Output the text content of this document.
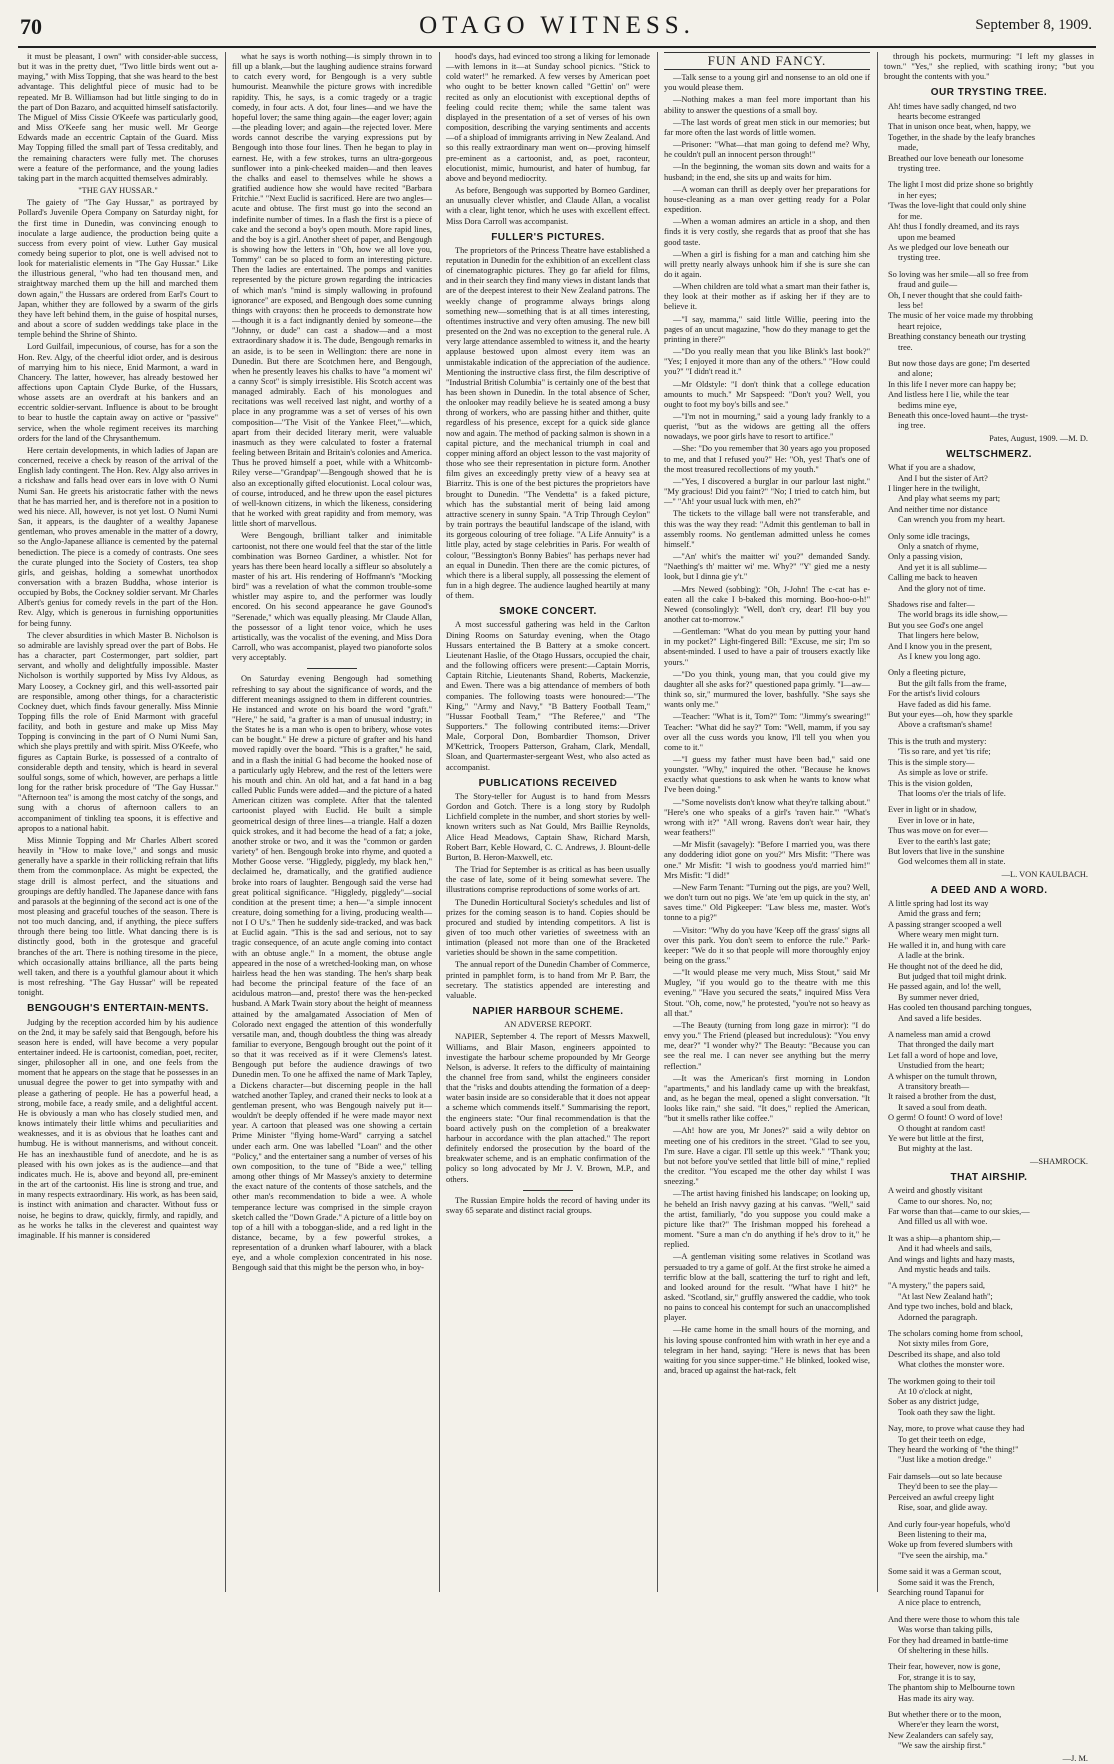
70	OTAGO WITNESS.	September 8, 1909.

it must be pleasant, I own" with consider-able success, but it was in the pretty duet, "Two little birds went out a-maying," with Miss Topping, that she was heard to the best advantage. This delightful piece of music had to be repeated. Mr B. Williamson had but little singing to do in the part of Don Bazaro, and acquitted himself satisfactorily. The Miguel of Miss Cissie O'Keefe was particularly good, and Miss O'Keefe sang her music well. Mr George Edwards made an eccentric Captain of the Guard. Miss May Topping filled the small part of Tessa creditably, and the remaining characters were fully met. The choruses were a feature of the performance, and the young ladies taking part in the march acquitted themselves admirably.

"THE GAY HUSSAR."

The gaiety of "The Gay Hussar," as portrayed by Pollard's Juvenile Opera Company on Saturday night, for the first time in Dunedin, was convincing enough to inoculate a large audience, the production being quite a success from every point of view. Luther Gay musical comedy being superior to plot, one is well advised not to look for materialistic elements in "The Gay Hussar." Like the illustrious general, "who had ten thousand men, and straightway marched them up the hill and marched them down again," the Hussars are ordered from Earl's Court to Japan, whither they are followed by a swarm of the girls they have left behind them, in the guise of hospital nurses, and about a score of sudden weddings take place in the temple behind the Shrine of Shinto.

Lord Guilfail, impecunious, of course, has for a son the Hon. Rev. Algy, of the cheerful idiot order, and is desirous of marrying him to his niece, Enid Marmont, a ward in Chancery. The latter, however, has already bestowed her affections upon Captain Clyde Burke, of the Hussars, whose assets are an overdraft at his bankers and an eccentric soldier-servant. Influence is about to be brought to bear to hustle the captain away on active or "passive" service, when the whole regiment receives its marching orders for the land of the Chrysanthemum.

Here certain developments, in which ladies of Japan are concerned, receive a check by reason of the arrival of the English lady contingent. The Hon. Rev. Algy also arrives in a rickshaw and falls head over ears in love with O Numi Numi San. He greets his aristocratic father with the news that he has married her, and is therefore not in a position to wed his niece. All, however, is not yet lost. O Numi Numi San, it appears, is the daughter of a wealthy Japanese gentleman, who proves amenable in the matter of a dowry, so the Anglo-Japanese alliance is cemented by the paternal benediction. The piece is a comedy of contrasts. One sees the curate plunged into the Society of Costers, tea shop girls, and geishas, holding a somewhat unorthodox conversation with a brazen Buddha, whose interior is occupied by Bobs, the Cockney soldier servant. Mr Charles Albert's genius for comedy revels in the part of the Hon. Rev. Algy, which is generous in furnishing opportunities for being funny.

The clever absurdities in which Master B. Nicholson is so admirable are lavishly spread over the part of Bobs. He has a character, part Costermonger, part soldier, part servant, and wholly and delightfully impossible. Master Nicholson is worthily supported by Miss Ivy Aldous, as Mary Loosey, a Cockney girl, and this well-assorted pair are responsible, among other things, for a characteristic Cockney duet, which finds favour generally. Miss Minnie Topping fills the role of Enid Marmont with graceful facility, and both in gesture and make up Miss May Topping is convincing in the part of O Numi Numi San, which she plays prettily and with spirit. Miss O'Keefe, who figures as Captain Burke, is possessed of a contralto of considerable depth and tensity, which is heard in several soulful songs, some of which, however, are perhaps a little long for the rather brisk procedure of "The Gay Hussar." "Afternoon tea" is among the most catchy of the songs, and sung with a chorus of afternoon callers to an accompaniment of tinkling tea spoons, it is effective and apropos to a national habit.

Miss Minnie Topping and Mr Charles Albert scored heavily in "How to make love," and songs and music generally have a sparkle in their rollicking refrain that lifts them from the commonplace. As might be expected, the stage drill is almost perfect, and the situations and groupings are deftly handled. The Japanese dance with fans and parasols at the beginning of the second act is one of the most pleasing and graceful touches of the season. There is not too much dancing, and, if anything, the piece suffers through there being too little. What dancing there is is distinctly good, both in the grotesque and graceful branches of the art. There is nothing tiresome in the piece, which occasionally attains brilliance, all the parts being well taken, and there is a youthful glamour about it which is most refreshing. "The Gay Hussar" will be repeated tonight.

BENGOUGH'S ENTERTAIN-MENTS.

Judging by the reception accorded him by his audience on the 2nd, it may be safely said that Bengough, before his season here is ended, will have become a very popular entertainer indeed. He is cartoonist, comedian, poet, reciter, singer, philosopher all in one, and one feels from the moment that he appears on the stage that he possesses in an unusual degree the power to get into sympathy with and please a gathering of people. He has a powerful head, a strong, mobile face, a ready smile, and a delightful accent. He is obviously a man who has closely studied men, and knows intimately their little whims and peculiarities and weaknesses, and it is as obvious that he loathes cant and humbug. He is without mannerisms, and without conceit. He has an inexhaustible fund of anecdote, and he is as pleased with his own jokes as is the audience—and that indicates much. He is, above and beyond all, pre-eminent in the art of the cartoonist. His line is strong and true, and in many respects extraordinary. His work, as has been said, is instinct with animation and character. Without fuss or noise, he begins to draw, quickly, firmly, and rapidly, and as he works he talks in the cleverest and quaintest way imaginable. If his manner is considered

what he says is worth nothing—is simply thrown in to fill up a blank,—but the laughing audience strains forward to catch every word, for Bengough is a very subtle humourist. Meanwhile the picture grows with incredible rapidity. This, he says, is a comic tragedy or a tragic comedy, in four acts. A dot, four lines—and we have the hopeful lover; the same thing again—the eager lover; again—the pleading lover; and again—the rejected lover. Mere words cannot describe the varying expressions put by Bengough into those four lines. Then he began to play in earnest. He, with a few strokes, turns an ultra-gorgeous sunflower into a pink-cheeked maiden—and then leaves the chalks and easel to themselves while he shows a gratified audience how she would have recited "Barbara Fritchie." "Next Euclid is sacrificed. Here are two angles—acute and obtuse. The first must go into the second an indefinite number of times. In a flash the first is a piece of cake and the second a boy's open mouth. More rapid lines, and the boy is a girl. Another sheet of paper, and Bengough is showing how the letters in "Oh, how we all love you, Tommy" can be so placed to form an interesting picture. Then the ladies are entertained. The pomps and vanities represented by the picture grown regarding the intricacies of which man's "mind is simply wallowing in profound ignorance" are exposed, and Bengough does some cunning things with crayons: then he proceeds to demonstrate how—though it is a fact indignantly denied by someone—the "Johnny, or dude" can cast a shadow—and a most extraordinary shadow it is. The dude, Bengough remarks in an aside, is to be seen in Wellington: there are none in Dunedin. But there are Scotchmen here, and Bengough, when he presently leaves his chalks to have "a moment wi' a canny Scot" is simply irresistible. His Scotch accent was managed admirably. Each of his monologues and recitations was well received last night, and worthy of a place in any programme was a set of verses of his own composition—"The Visit of the Yankee Fleet,"—which, apart from their decided literary merit, were valuable inasmuch as they were calculated to foster a fraternal feeling between Britain and Britain's colonies and America. Thus he proved himself a poet, while with a Whitcomb-Riley verse—"Grandpap"—Bengough showed that he is also an exceptionally gifted elocutionist. Local colour was, of course, introduced, and he threw upon the easel pictures of well-known citizens, in which the likeness, considering that he worked with great rapidity and from memory, was little short of marvellous.

Were Bengough, brilliant talker and inimitable cartoonist, not there one would feel that the star of the little combination was Borneo Gardiner, a whistler. Not for years has there been heard locally a siffleur so absolutely a master of his art. His rendering of Hoffmann's "Mocking bird" was a revelation of what the common trouble-some whistler may aspire to, and the performer was loudly encored. On his second appearance he gave Gounod's "Serenade," which was equally pleasing. Mr Claude Allan, the possessor of a light tenor voice, which he uses artistically, was the vocalist of the evening, and Miss Dora Carroll, who was accompanist, played two pianoforte solos very acceptably.

On Saturday evening Bengough had something refreshing to say about the significance of words, and the different meanings assigned to them in different countries. He instanced and wrote on his board the word "graft." "Here," he said, "a grafter is a man of unusual industry; in the States he is a man who is open to bribery, whose votes can be bought." He drew a picture of grafter and his hand moved rapidly over the board. "This is a grafter," he said, and in a flash the initial G had become the hooked nose of a particularly ugly Hebrew, and the rest of the letters were his mouth and chin. An old hat, and a fat hand in a bag called Public Funds were added—and the picture of a hated American citizen was complete. After that the talented cartoonist played with Euclid. He built a simple geometrical design of three lines—a triangle. Half a dozen quick strokes, and it had become the head of a fat; a joke, another stroke or two, and it was the "common or garden variety" of hen. Bengough broke into rhyme, and quoted a Mother Goose verse. "Higgledy, piggledy, my black hen," declaimed he, dramatically, and the gratified audience broke into roars of laughter. Bengough said the verse had great political significance. "Higgledy, piggledy"—social condition at the present time; a hen—"a simple innocent creature, doing something for a living, producing wealth—not I O U's." Then he suddenly side-tracked, and was back at Euclid again. "This is the sad and serious, not to say tragic consequence, of an acute angle coming into contact with an obtuse angle." In a moment, the obtuse angle appeared in the nose of a wretched-looking man, on whose hairless head the hen was standing. The hen's sharp beak had become the principal feature of the face of an acidulous matron—and, presto! there was the hen-pecked husband. A Mark Twain story about the height of meanness attained by the amalgamated Association of Men of Colorado next engaged the attention of this wonderfully versatile man, and, though doubtless the thing was already familiar to everyone, Bengough brought out the point of it so that it was received as if it were Clemens's latest. Bengough put before the audience drawings of two Dunedin men. To one he affixed the name of Mark Tapley, a Dickens character—but discerning people in the hall watched another Tapley, and craned their necks to look at a gentleman present, who was Bengough naively put it—wouldn't be deeply offended if he were made mayor next year. A cartoon that pleased was one showing a certain Prime Minister "flying home-Ward" carrying a satchel under each arm. One was labelled "Loan" and the other "Policy," and the entertainer sang a number of verses of his own composition, to the tune of "Bide a wee," telling among other things of Mr Massey's anxiety to determine the exact nature of the contents of those satchels, and the other man's recommendation to bide a wee. A whole temperance lecture was comprised in the simple crayon sketch called the "Down Grade." A picture of a little boy on top of a hill with a toboggan-slide, and a red light in the distance, became, by a few powerful strokes, a representation of a drunken wharf labourer, with a black eye, and a whole complexion concentrated in his nose. Bengough said that this might be the person who, in boy-

hood's days, had evinced too strong a liking for lemonade—with lemons in it—at Sunday school picnics. "Stick to cold water!" he remarked. A few verses by American poet who ought to be better known called "Gettin' on" were recited as only an elocutionist with exceptional depths of feeling could recite them; while the same talent was displayed in the presentation of a set of verses of his own composition, describing the varying sentiments and accents—of a shipload of immigrants arriving in New Zealand. And so this really extraordinary man went on—proving himself pre-eminent as a cartoonist, and, as poet, raconteur, elocutionist, mimic, humourist, and hater of humbug, far above and beyond mediocrity.

As before, Bengough was supported by Borneo Gardiner, an unusually clever whistler, and Claude Allan, a vocalist with a clear, light tenor, which he uses with excellent effect. Miss Dora Carroll was accompanist.

FULLER'S PICTURES.

The proprietors of the Princess Theatre have established a reputation in Dunedin for the exhibition of an excellent class of cinematographic pictures. They go far afield for films, and in their search they find many views in distant lands that are of the deepest interest to their New Zealand patrons. The weekly change of programme always brings along something new—something that is at all times interesting, oftentimes instructive and very often amusing. The new bill presented on the 2nd was no exception to the general rule. A very large attendance assembled to witness it, and the hearty applause bestowed upon almost every item was an unmistakable indication of the appreciation of the audience. Mentioning the instructive class first, the film descriptive of "Industrial British Columbia" is certainly one of the best that has been shown in Dunedin. In the total absence of Scher, the onlooker may readily believe he is seated among a busy throng of workers, who are passing hither and thither, quite regardless of his presence, except for a quick side glance now and again. The method of packing salmon is shown in a capital picture, and the mechanical triumph in coal and copper mining afford an object lesson to the vast majority of those who see their representation in picture form. Another film gives an exceedingly pretty view of a heavy sea at Biarritz. This is one of the best pictures the proprietors have brought to Dunedin. "The Vendetta" is a faked picture, which has the substantial merit of being laid among attractive scenery in sunny Spain. "A Trip Through Ceylon" by train portrays the beautiful landscape of the island, with its gorgeous colouring of tree foliage. "A Life Annuity" is a little play, acted by stage celebrities in Paris. For wealth of colour, "Bessington's Bonny Babies" has perhaps never had an equal in Dunedin. Then there are the comic pictures, of which there is a liberal supply, all possessing the element of fun in a high degree. The audience laughed heartily at many of them.

SMOKE CONCERT.

A most successful gathering was held in the Carlton Dining Rooms on Saturday evening, when the Otago Hussars entertained the B Battery at a smoke concert. Lieutenant Haslie, of the Otago Hussars, occupied the chair, and the following officers were present:—Captain Morris, Captain Ritchie, Lieutenants Shand, Roberts, Mackenzie, and Ewen. There was a big attendance of members of both companies. The following toasts were honoured:—"The King," "Army and Navy," "B Battery Football Team," "Hussar Football Team," "The Referee," and "The Supporters." The following contributed items:—Driver Male, Corporal Don, Bombardier Thomson, Driver M'Kettrick, Troopers Patterson, Graham, Clark, Mendall, Sloan, and Quartermaster-sergeant West, who also acted as accompanist.

PUBLICATIONS RECEIVED

The Story-teller for August is to hand from Messrs Gordon and Gotch. There is a long story by Rudolph Lichfield complete in the number, and short stories by well-known writers such as Nat Gould, Mrs Baillie Reynolds, Alice Head Meadows, Captain Shaw, Richard Marsh, Robert Barr, Keble Howard, C. C. Andrews, J. Blount-delle Burton, B. Heron-Maxwell, etc.

The Triad for September is as critical as has been usually the case of late, some of it being somewhat severe. The illustrations comprise reproductions of some works of art.

The Dunedin Horticultural Society's schedules and list of prizes for the coming season is to hand. Copies should be procured and studied by intending competitors. A list is given of too much other varieties of sweetness with an intimation (pleased not more than one of the Bracketed varieties should be shown in the same competition.

The annual report of the Dunedin Chamber of Commerce, printed in pamphlet form, is to hand from Mr P. Barr, the secretary. The statistics appended are interesting and valuable.

NAPIER HARBOUR SCHEME.
AN ADVERSE REPORT.

NAPIER, September 4. The report of Messrs Maxwell, Williams, and Blair Mason, engineers appointed to investigate the harbour scheme propounded by Mr George Nelson, is adverse. It refers to the difficulty of maintaining the channel free from sand, whilst the engineers consider that the "risks and doubts attending the formation of a deep-water basin inside are so considerable that it does not appear a scheme which commends itself." Summarising the report, the engineers state: "Our final recommendation is that the board actively push on the completion of a breakwater harbour in accordance with the plan attached." The report definitely endorsed the prosecution by the board of the breakwater scheme, and is an emphatic confirmation of the policy so long advocated by Mr J. V. Brown, M.P., and others.

The Russian Empire holds the record of having under its sway 65 separate and distinct racial groups.

FUN AND FANCY.

—Talk sense to a young girl and nonsense to an old one if you would please them.

—Nothing makes a man feel more important than his ability to answer the questions of a small boy.

—The last words of great men stick in our memories; but far more often the last words of little women.

—Prisoner: "What—that man going to defend me? Why, he couldn't pull an innocent person through!"

—In the beginning, the woman sits down and waits for a husband; in the end, she sits up and waits for him.

—A woman can thrill as deeply over her preparations for house-cleaning as a man over getting ready for a Polar expedition.

—When a woman admires an article in a shop, and then finds it is very costly, she regards that as proof that she has good taste.

—When a girl is fishing for a man and catching him she will pretty nearly always unhook him if she is sure she can do it again.

—When children are told what a smart man their father is, they look at their mother as if asking her if they are to believe it.

—"I say, mamma," said little Willie, peering into the pages of an uncut magazine, "how do they manage to get the printing in there?"

—"Do you really mean that you like Blink's last book?" "Yes; I enjoyed it more than any of the others." "How could you?" "I didn't read it."

—Mr Oldstyle: "I don't think that a college education amounts to much." Mr Sapspeed: "Don't you? Well, you ought to foot my boy's bills and see."

—"I'm not in mourning," said a young lady frankly to a querist, "but as the widows are getting all the offers nowadays, we poor girls have to resort to artifice."

—She: "Do you remember that 30 years ago you proposed to me, and that I refused you?" He: "Oh, yes! That's one of the most treasured recollections of my youth."

—"Yes, I discovered a burglar in our parlour last night." "My gracious! Did you faint?" "No; I tried to catch him, but—" "Ah! your usual luck with men, eh?"

The tickets to the village ball were not transferable, and this was the way they read: "Admit this gentleman to ball in assembly rooms. No gentleman admitted unless he comes himself."

—"An' whit's the maitter wi' you?" demanded Sandy. "Naething's th' maitter wi' me. Why?" "Y' gied me a nesty look, but I dinna gie y't."

—Mrs Newed (sobbing): "Oh, J-John! The c-cat has e-eaten all the cake I b-baked this morning. Boo-hoo-o-h!" Newed (consolingly): "Well, don't cry, dear! I'll buy you another cat to-morrow."

—Gentleman: "What do you mean by putting your hand in my pocket?" Light-fingered Bill: "Excuse, me sir; I'm so absent-minded. I used to have a pair of trousers exactly like yours."

—"Do you think, young man, that you could give my daughter all she asks for?" questioned papa grimly. "I—aw—think so, sir," murmured the lover, bashfully. "She says she wants only me."

—Teacher: "What is it, Tom?" Tom: "Jimmy's swearing!" Teacher: "What did he say?" Tom: "Well, mamm, if you say over all the cuss words you know, I'll tell you when you come to it."

—"I guess my father must have been bad," said one youngster. "Why," inquired the other. "Because he knows exactly what questions to ask when he wants to know what I've been doing."

—"Some novelists don't know what they're talking about." "Here's one who speaks of a girl's 'raven hair.'" "What's wrong with it?" "All wrong. Ravens don't wear hair, they wear feathers!"

—Mr Misfit (savagely): "Before I married you, was there any doddering idiot gone on you?" Mrs Misfit: "There was one." Mr Misfit: "I wish to goodness you'd married him!" Mrs Misfit: "I did!"

—New Farm Tenant: "Turning out the pigs, are you? Well, we don't turn out no pigs. We 'ate 'em up quick in the sty, an' saves time." Old Pigkeeper: "Law bless me, master. Wot's tonne to a pig?"

—Visitor: "Why do you have 'Keep off the grass' signs all over this park. You don't seem to enforce the rule." Park-keeper: "We do it so that people will more thoroughly enjoy being on the grass."

—"It would please me very much, Miss Stout," said Mr Mugley, "if you would go to the theatre with me this evening." "Have you secured the seats," inquired Miss Vera Stout. "Oh, come, now," he protested, "you're not so heavy as all that."

—The Beauty (turning from long gaze in mirror): "I do envy you." The Friend (pleased but incredulous): "You envy me, dear?" "I wonder why?" The Beauty: "Because you can see the real me. I can never see anything but the merry reflection."

—It was the American's first morning in London "apartments," and his landlady came up with the breakfast, and, as he began the meal, opened a slight conversation. "It looks like rain," she said. "It does," replied the American, "but it smells rather like coffee."

—Ah! how are you, Mr Jones?" said a wily debtor on meeting one of his creditors in the street. "Glad to see you, I'm sure. Have a cigar. I'll settle up this week." "Thank you; but not before you've settled that little bill of mine," replied the creditor. "You escaped me the other day whilst I was sneezing."

—The artist having finished his landscape; on looking up, he beheld an Irish navvy gazing at his canvas. "Well," said the artist, familiarly, "do you suppose you could make a picture like that?" The Irishman mopped his forehead a moment. "Sure a man c'n do anything if he's drov to it," he replied.

—A gentleman visiting some relatives in Scotland was persuaded to try a game of golf. At the first stroke he aimed a terrific blow at the ball, scattering the turf to right and left, and looked around for the result. "What have I hit?" he asked. "Scotland, sir," gruffly answered the caddie, who took no pains to conceal his contempt for such an unaccomplished player.

—He came home in the small hours of the morning, and his loving spouse confronted him with wrath in her eye and a telegram in her hand, saying: "Here is news that has been waiting for you since supper-time." He blinked, looked wise, and, braced up against the hat-rack, felt

through his pockets, murmuring: "I left my glasses in town." "Yes," she replied, with scathing irony; "but you brought the contents with you."

OUR TRYSTING TREE.
Ah! times have sadly changed, nd two
hearts become estranged
That in unison once beat, when, happy, we
Together, in the shade by the leafy branches
made,
Breathed our love beneath our lonesome
trysting tree.
The light I most did prize shone so brightly
in her eyes;
'Twas the love-light that could only shine
for me.
Ah! thus I fondly dreamed, and its rays
upon me beamed
As we pledged our love beneath our
trysting tree.
So loving was her smile—all so free from
fraud and guile—
Oh, I never thought that she could faith-
less be!
The music of her voice made my throbbing
heart rejoice,
Breathing constancy beneath our trysting
tree.
But now those days are gone; I'm deserted
and alone;
In this life I never more can happy be;
And listless here I lie, while the tear
bedims mine eye,
Beneath this once-loved haunt—the tryst-
ing tree.
Pates, August, 1909. —M. D.
WELTSCHMERZ.
What if you are a shadow,
And I but the sister of Art?
I linger here in the twilight,
And play what seems my part;
And neither time nor distance
Can wrench you from my heart.
Only some idle tracings,
Only a snatch of rhyme,
Only a passing vision,
And yet it is all sublime—
Calling me back to heaven
And the glory not of time.
Shadows rise and falter—
The world brags its idle show,—
But you see God's one angel
That lingers here below,
And I know you in the present,
As I knew you long ago.
Only a fleeting picture,
But the gilt falls from the frame,
For the artist's livid colours
Have faded as did his fame.
But your eyes—oh, how they sparkle
Above a craftsman's shame!
This is the truth and mystery:
'Tis so rare, and yet 'tis rife;
This is the simple story—
As simple as love or strife.
This is the vision golden,
That looms o'er the trials of life.
Ever in light or in shadow,
Ever in love or in hate,
Thus was move on for ever—
Ever to the earth's last gate;
But lovers that live in the sunshine
God welcomes them all in state.
—L. VON KAULBACH.
A DEED AND A WORD.
A little spring had lost its way
Amid the grass and fern;
A passing stranger scooped a well
Where weary men might turn.
He walled it in, and hung with care
A ladle at the brink.
He thought not of the deed he did,
But judged that toil might drink.
He passed again, and lo! the well,
By summer never dried,
Has cooled ten thousand parching tongues,
And saved a life besides.
A nameless man amid a crowd
That thronged the daily mart
Let fall a word of hope and love,
Unstudied from the heart;
A whisper on the tumult thrown,
A transitory breath—
It raised a brother from the dust,
It saved a soul from death.
O germ! O fount! O word of love!
O thought at random cast!
Ye were but little at the first,
But mighty at the last.
—SHAMROCK.
THAT AIRSHIP.
A weird and ghostly visitant
Came to our shores. No, no;
Far worse than that—came to our skies,—
And filled us all with woe.
It was a ship—a phantom ship,—
And it had wheels and sails,
And wings and lights and hazy masts,
And mystic heads and tails.
"A mystery," the papers said,
"At last New Zealand hath";
And type two inches, bold and black,
Adorned the paragraph.
The scholars coming home from school,
Not sixty miles from Gore,
Described its shape, and also told
What clothes the monster wore.
The workmen going to their toil
At 10 o'clock at night,
Sober as any district judge,
Took oath they saw the light.
Nay, more, to prove what cause they had
To get their teeth on edge,
They heard the working of "the thing!"
"Just like a motion dredge."
Fair damsels—out so late because
They'd been to see the play—
Perceived an awful creepy light
Rise, soar, and glide away.
And curly four-year hopefuls, who'd
Been listening to their ma,
Woke up from fevered slumbers with
"I've seen the airship, ma."
Some said it was a German scout,
Some said it was the French,
Searching round Tapanui for
A nice place to entrench,
And there were those to whom this tale
Was worse than taking pills,
For they had dreamed in battle-time
Of sheltering in these hills.
Their fear, however, now is gone,
For, strange it is to say,
The phantom ship to Melbourne town
Has made its airy way.
But whether there or to the moon,
Where'er they learn the worst,
New Zealanders can safely say,
"We saw the airship first."
—J. M.
